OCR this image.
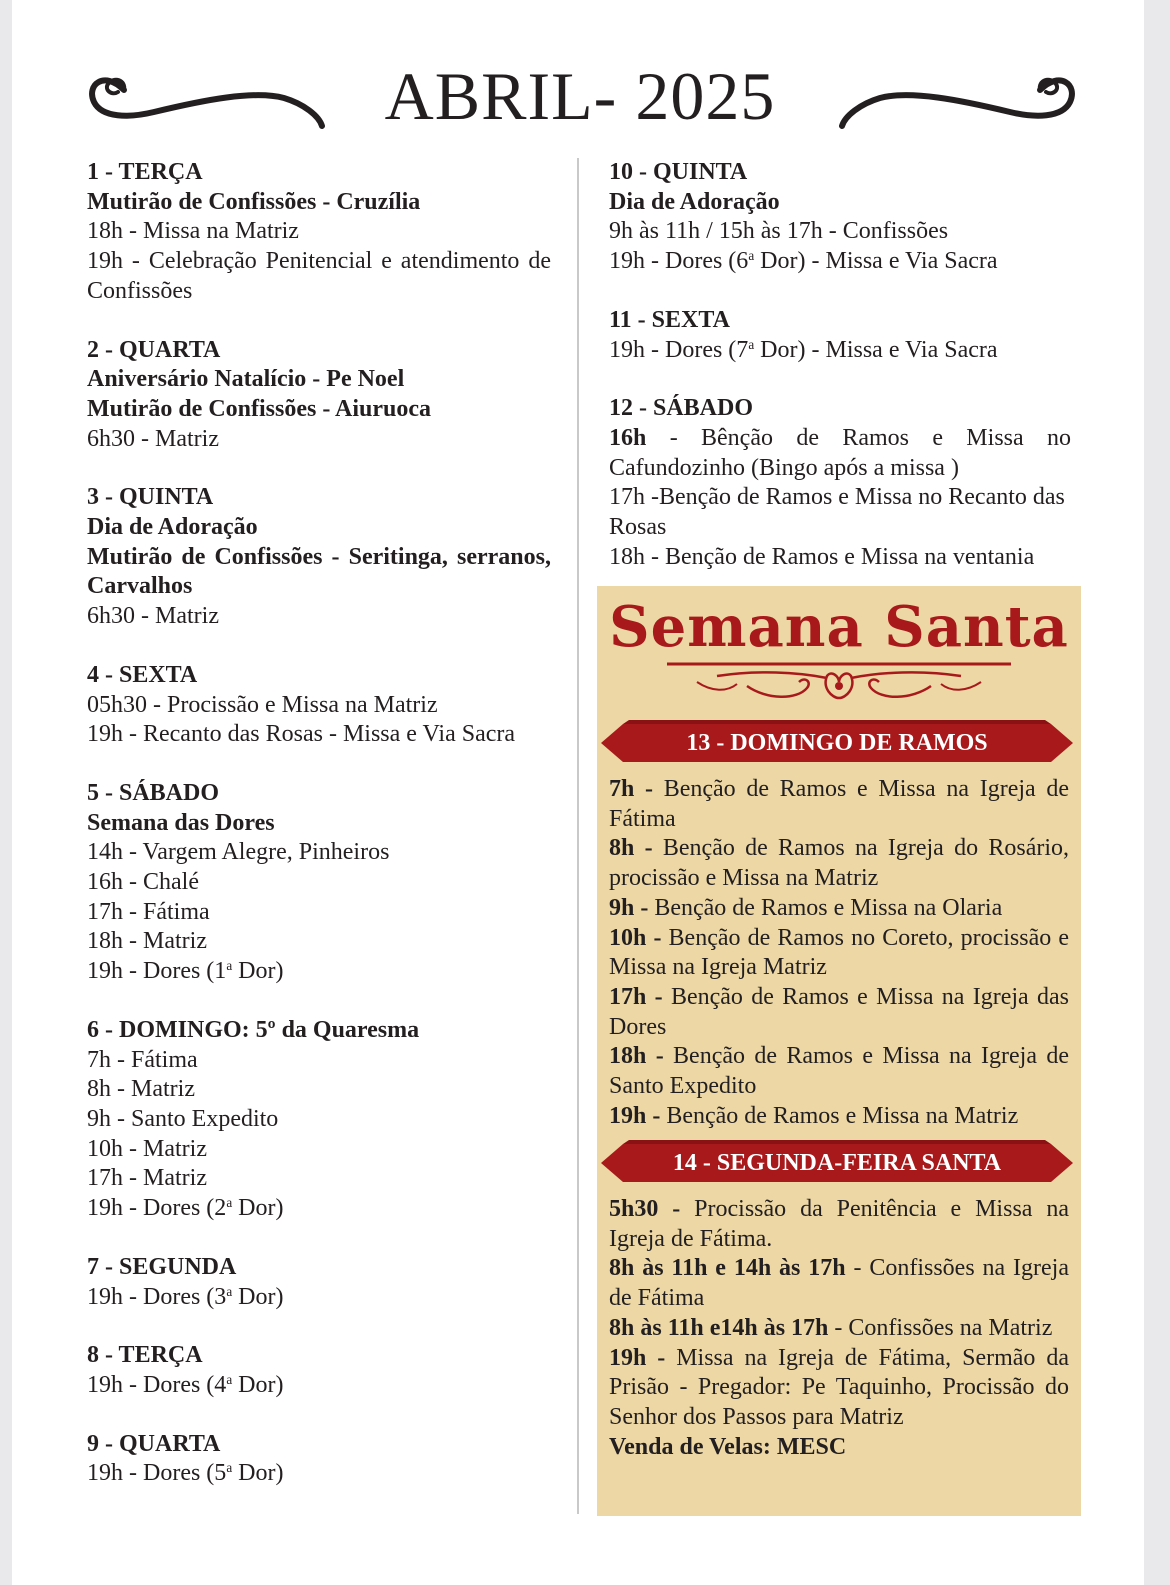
ABRIL- 2025
1 - TERÇA
Mutirão de Confissões - Cruzília
18h - Missa na Matriz
19h - Celebração Penitencial e atendimento de Confissões
2 - QUARTA
Aniversário Natalício - Pe Noel
Mutirão de Confissões - Aiuruoca
6h30 - Matriz
3 - QUINTA
Dia de Adoração
Mutirão de Confissões - Seritinga, serranos, Carvalhos
6h30 - Matriz
4 - SEXTA
05h30 - Procissão e Missa na Matriz
19h - Recanto das Rosas - Missa e Via Sacra
5 - SÁBADO
Semana das Dores
14h - Vargem Alegre, Pinheiros
16h - Chalé
17h - Fátima
18h - Matriz
19h - Dores (1$^a$ Dor)
6 - DOMINGO: 5º da Quaresma
7h - Fátima
8h - Matriz
9h - Santo Expedito
10h - Matriz
17h - Matriz
19h - Dores (2$^a$ Dor)
7 - SEGUNDA
19h - Dores (3$^a$ Dor)
8 - TERÇA
19h - Dores (4$^a$ Dor)
9 - QUARTA
19h - Dores (5$^a$ Dor)
10 - QUINTA
Dia de Adoração
9h às 11h / 15h às 17h - Confissões
19h - Dores (6$^a$ Dor) - Missa e Via Sacra
11 - SEXTA
19h - Dores (7$^a$ Dor) - Missa e Via Sacra
12 - SÁBADO
16h - Bênção de Ramos e Missa no Cafundozinho (Bingo após a missa )
17h -Benção de Ramos e Missa no Recanto das Rosas
18h - Benção de Ramos e Missa na ventania
Semana Santa
13 - DOMINGO DE RAMOS
7h - Benção de Ramos e Missa na Igreja de Fátima
8h - Benção de Ramos na Igreja do Rosário, procissão e Missa na Matriz
9h - Benção de Ramos e Missa na Olaria
10h - Benção de Ramos no Coreto, procissão e Missa na Igreja Matriz
17h - Benção de Ramos e Missa na Igreja das Dores
18h - Benção de Ramos e Missa na Igreja de Santo Expedito
19h - Benção de Ramos e Missa na Matriz
14 - SEGUNDA-FEIRA SANTA
5h30 - Procissão da Penitência e Missa na Igreja de Fátima.
8h às 11h e 14h às 17h - Confissões na Igreja de Fátima
8h às 11h e14h às 17h - Confissões na Matriz
19h - Missa na Igreja de Fátima, Sermão da Prisão - Pregador: Pe Taquinho, Procissão do Senhor dos Passos para Matriz
Venda de Velas: MESC
